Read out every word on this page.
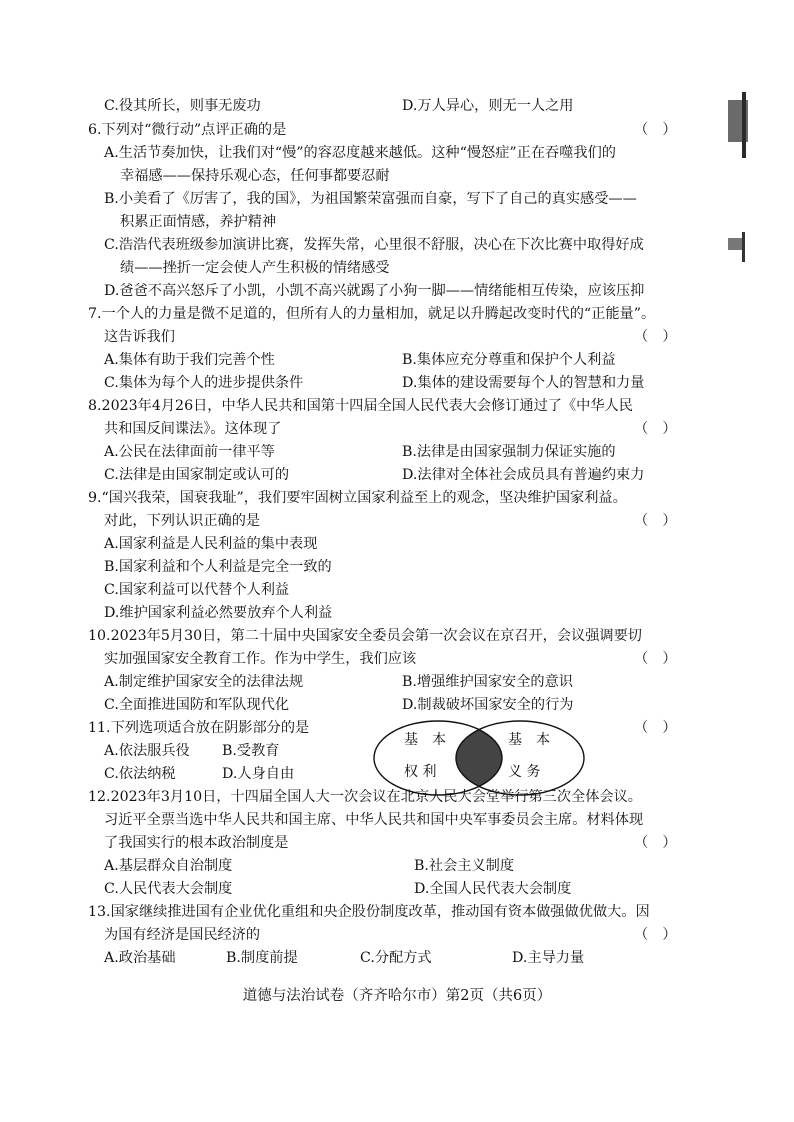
C.役其所长，则事无废功	D.万人异心，则无一人之用
6.下列对“微行动”点评正确的是
A.生活节奏加快，让我们对“慢”的容忍度越来越低。这种“慢怒症”正在吞噬我们的
幸福感——保持乐观心态，任何事都要忍耐
B.小美看了《厉害了，我的国》，为祖国繁荣富强而自豪，写下了自己的真实感受——
积累正面情感，养护精神
C.浩浩代表班级参加演讲比赛，发挥失常，心里很不舒服，决心在下次比赛中取得好成
绩——挫折一定会使人产生积极的情绪感受
D.爸爸不高兴怒斥了小凯，小凯不高兴就踢了小狗一脚——情绪能相互传染，应该压抑
7.一个人的力量是微不足道的，但所有人的力量相加，就足以升腾起改变时代的“正能量”。
这告诉我们
A.集体有助于我们完善个性	B.集体应充分尊重和保护个人利益
C.集体为每个人的进步提供条件	D.集体的建设需要每个人的智慧和力量
8.2023年4月26日，中华人民共和国第十四届全国人民代表大会修订通过了《中华人民
共和国反间谍法》。这体现了
A.公民在法律面前一律平等	B.法律是由国家强制力保证实施的
C.法律是由国家制定或认可的	D.法律对全体社会成员具有普遍约束力
9.“国兴我荣，国衰我耻”，我们要牢固树立国家利益至上的观念，坚决维护国家利益。
对此，下列认识正确的是
A.国家利益是人民利益的集中表现
B.国家利益和个人利益是完全一致的
C.国家利益可以代替个人利益
D.维护国家利益必然要放弃个人利益
10.2023年5月30日，第二十届中央国家安全委员会第一次会议在京召开，会议强调要切
实加强国家安全教育工作。作为中学生，我们应该
A.制定维护国家安全的法律法规	B.增强维护国家安全的意识
C.全面推进国防和军队现代化	D.制裁破坏国家安全的行为
11.下列选项适合放在阴影部分的是
A.依法服兵役 B.受教育
C.依法纳税	D.人身自由
12.2023年3月10日，十四届全国人大一次会议在北京人民大会堂举行第三次全体会议。
习近平全票当选中华人民共和国主席、中华人民共和国中央军事委员会主席。材料体现
了我国实行的根本政治制度是
A.基层群众自治制度	B.社会主义制度
C.人民代表大会制度	D.全国人民代表大会制度
13.国家继续推进国有企业优化重组和央企股份制度改革，推动国有资本做强做优做大。因
为国有经济是国民经济的
A.政治基础	B.制度前提	C.分配方式	D.主导力量
（　）
（　）
（　）
（　）
（　）
（　）
（　）
（　）
基　本
权 利
基　本
义 务
道德与法治试卷（齐齐哈尔市）第2页（共6页）
